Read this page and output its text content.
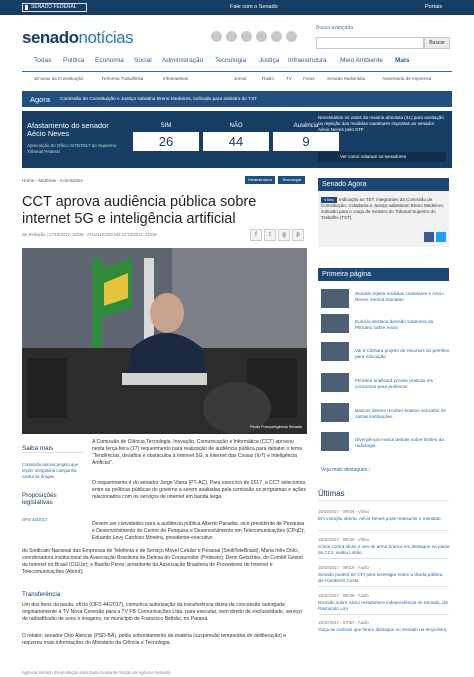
SENADO FEDERAL	Fale com o Senado	Portais
senadonotícias	Busca avançada
Buscar
Todas Política Economia Social Administração Tecnologia Justiça Infraestrutura Meio Ambiente Mais
30 anos da Constituição	Reforma Trabalhista	Infomatérias	Jornal	Rádio	TV Fotos	Senado Multimídia	Assessoria de Imprensa
Agora Comissão de Constituição e Justiça sabatina Breno Medeiros, indicado para ministro do TST
Afastamento do senador Aécio Neves
Apreciação do Ofício S/70/2017 do Supremo Tribunal Federal
SIM	NÃO	Ausência
26	44	9
Necessários os votos da maioria absoluta (41) para aceitação ou rejeição das medidas cautelares impostas ao senador Aécio Neves pelo STF
Ver como votaram os senadores
Home › Matérias › Comissões	Infraestrutura	Tecnologia
CCT aprova audiência pública sobre internet 5G e inteligência artificial
Da Redação | 17/10/2017, 15h28 - ATUALIZADO EM 17/10/2017, 21h18	f	t	g	p
Pedro França/Agência Senado
Saiba mais
Comissão aprova projeto que impõe obrigatória campanha contra as drogas
Proposições legislativas
OFS 44/2017
A Comissão de Ciência,Tecnologia, Inovação, Comunicação e Informática (CCT) aprovou nesta terça-feira (17) requerimento para realização de audiência pública para debater o tema “Tendências, desafios e obstáculos à Internet 5G, a Internet das Coisas (IoT) e Inteligência Artificial”.
O requerimento é do senador Jorge Viana (PT-AC). Para exercício de 2017, a CCT selecionou, entre as políticas públicas do governo a serem avaliadas pela comissão os programas e ações relacionados com os serviços de internet em banda larga.
Devem ser convidados para a audiência pública Alberto Paradisi, vice-presidente de Pesquisa e Desenvolvimento do Centro de Pesquisa e Desenvolvimento em Telecomunicações (CPqD); Eduardo Levy Cardoso Moreira, presidente-executivo
do Sindicato Nacional das Empresas de Telefonia e de Serviço Móvel Celular e Pessoal (SindiTeleBrasil); Maria Inês Dolci, coordenadora institucional da Associação Brasileira de Defesa do Consumidor (Proteste); Demi Getschko, do Comitê Gestor da Internet no Brasil (CGI.br); e Basílio Perez, presidente da Associação Brasileira de Provedores de Internet e Telecomunicações (Abrint);
Transferência
Um dos itens da pauta, ofício (OFS 44/2017), comunica autorização da transferência direta da concessão outorgada originariamente à TV Nova Conexão para a TV FB Comunicações Ltda. para executar, sem direito de exclusividade, serviço de radiodifusão de sons e imagens, no município de Francisco Beltrão, no Paraná.
O relator, senador Otto Alencar (PSD-BA), pediu sobrestamento da matéria (suspensão temporária de deliberação) e requereu mais informações do Ministério da Ciência e Tecnologia.
Agência Senado (Reprodução autorizada mediante citação da Agência Senado)
Senado Agora
Vídeo	Indicação ao TST: integrantes da Comissão de Constituição, Cidadania e Justiça sabatinam Breno Medeiros, indicado para o cargo de ministro do Tribunal Superior do Trabalho (TST).
Primeira página
Senado rejeita medidas cautelares e Aécio Neves retoma mandato
Eunício destaca decisão soberana do Plenário sobre Aécio
Vai à Câmara projeto de recursos do petróleo para educação
Plenário analisará provas práticas em concursos para professor
Bancos devem receber boletos vencidos de outras instituições
Divergência marca debate sobre limites da radiologia
Veja mais destaques ›
Últimas
18/10/2017 - 09h49 - Vídeo
Em votação aberta, Aécio Neves pode reassumir o mandato
18/10/2017 - 09h30 - Vídeo
Crime contra idoso e uso de arma branca em destaque na pauta da CCJ, avalia Lobão
18/10/2017 - 09h19 - Áudio
Senado poderá ter CPI para investigar sobre a dívida pública, diz Humberto Costa
18/10/2017 - 08h38 - Áudio
Decisão sobre Aécio restabelece independência do Senado, diz Raimundo Lira
18/10/2017 - 07h57 - Áudio
Ouça as notícias que foram destaque no Senado na terça-feira
